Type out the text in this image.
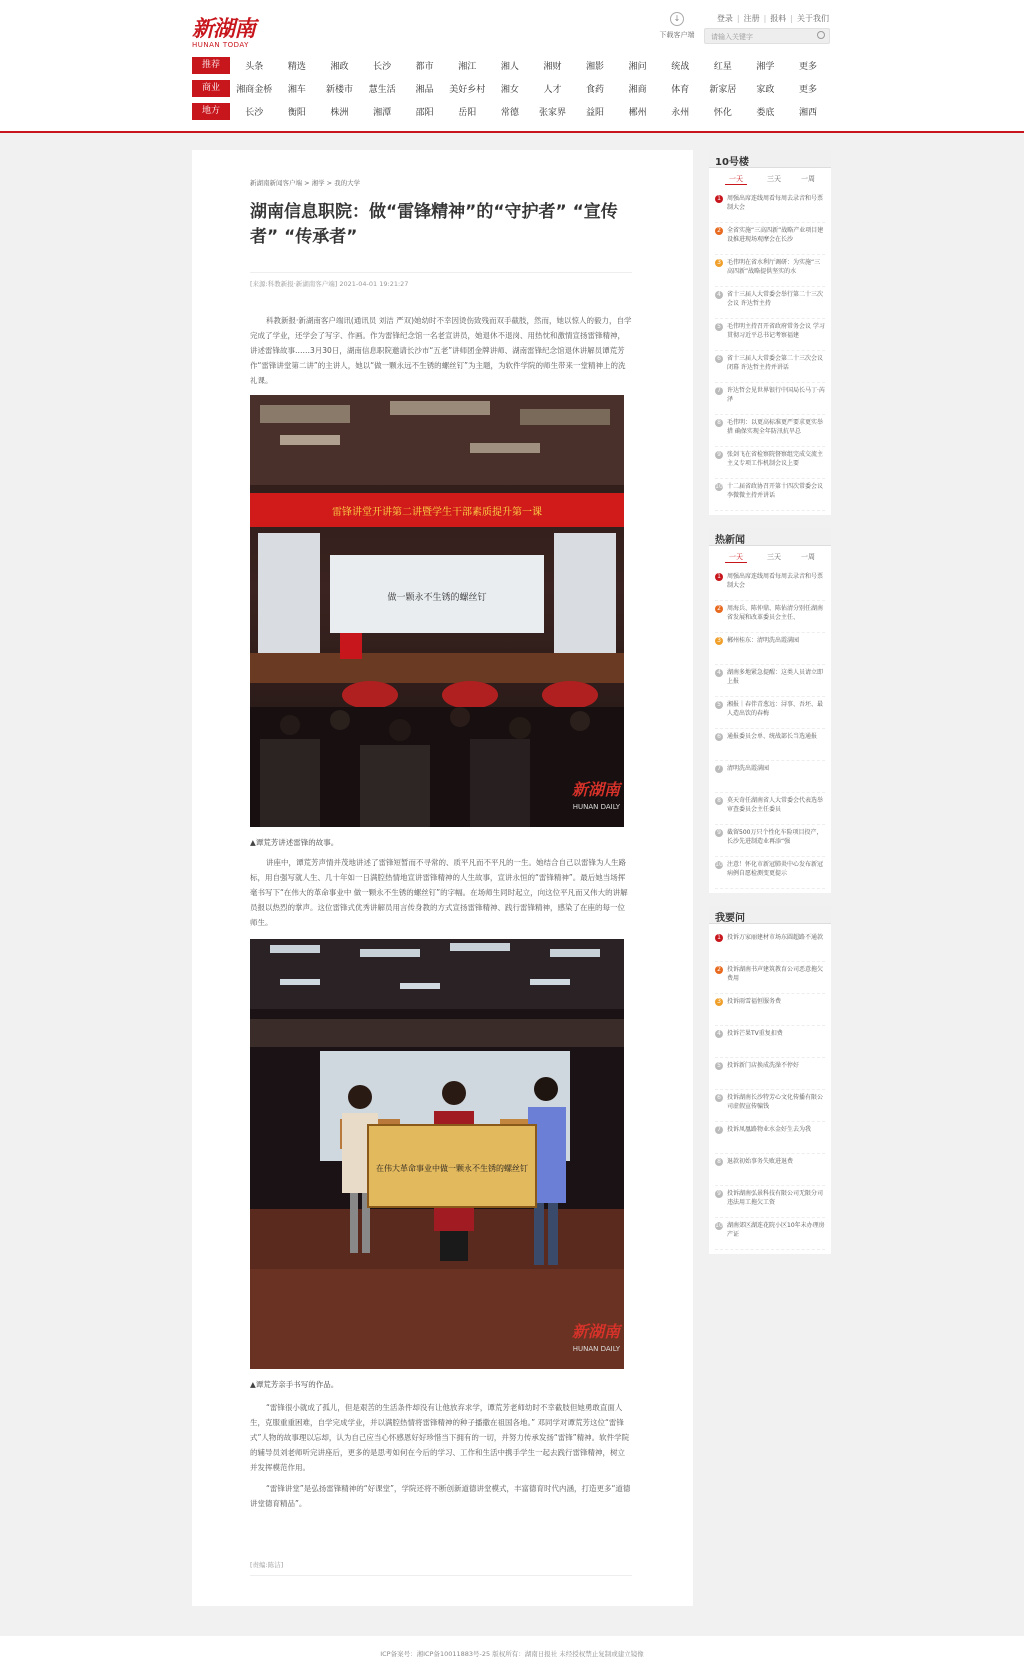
新湖南
HUNAN TODAY
↓
下载客户端
登录 | 注册 | 报料 | 关于我们
请输入关键字
推荐	头条	精选	湘政	长沙	都市	湘江	湘人	湘财	湘影	湘问	统战	红星	湘学	更多
商业	湘商金桥	湘车	新楼市	慧生活	湘品	美好乡村	湘女	人才	食药	湘商	体育	新家居	家政	更多
地方	长沙	衡阳	株洲	湘潭	邵阳	岳阳	常德	张家界	益阳	郴州	永州	怀化	娄底	湘西
新湖南新闻客户端 > 湘学 > 我的大学
湖南信息职院：做“雷锋精神”的“守护者” “宣传者” “传承者”
[来源:科教新报·新湖南客户端] 2021-04-01 19:21:27

科教新报·新湖南客户端讯(通讯员 刘洁 严双)她幼时不幸因烫伤致残而双手截肢，然而，她以惊人的毅力，自学完成了学业，还学会了写字、作画。作为雷锋纪念馆一名老宣讲员，她退休不退岗、用热忱和激情宣扬雷锋精神，讲述雷锋故事……3月30日，湖南信息职院邀请长沙市“五老”讲师团金牌讲师、湖南雷锋纪念馆退休讲解员谭荒芳作“雷锋讲堂第二讲”的主讲人，她以“做一颗永远不生锈的螺丝钉”为主题，为软件学院的师生带来一堂精神上的洗礼课。

雷锋讲堂开讲第二讲暨学生干部素质提升第一课
做一颗永不生锈的螺丝钉
新湖南
HUNAN DAILY
▲谭荒芳讲述雷锋的故事。

讲座中，谭荒芳声情并茂地讲述了雷锋短暂而不寻常的、质平凡而不平凡的一生。她结合自己以雷锋为人生路标，用自强写就人生、几十年如一日满腔热情地宣讲雷锋精神的人生故事，宣讲永恒的“雷锋精神”。最后她当场挥毫书写下“在伟大的革命事业中 做一颗永不生锈的螺丝钉”的字幅。在场师生同时起立，向这位平凡而又伟大的讲解员报以热烈的掌声。这位雷锋式优秀讲解员用言传身教的方式宣扬雷锋精神、践行雷锋精神，感染了在座的每一位师生。

在伟大革命事业中做一颗永不生锈的螺丝钉
新湖南
HUNAN DAILY
▲谭荒芳亲手书写的作品。

“雷锋很小就成了孤儿，但是艰苦的生活条件却没有让他放弃求学，谭荒芳老师幼时不幸截肢但她勇敢直面人生，克服重重困难，自学完成学业，并以满腔热情将雷锋精神的种子播撒在祖国各地。” 邓同学对谭荒芳这位“雷锋式”人物的故事理以忘却，认为自己应当心怀感恩好好珍惜当下拥有的一切，并努力传承发扬“雷锋”精神。软件学院的辅导员刘老师听完讲座后，更多的是思考如何在今后的学习、工作和生活中携手学生一起去践行雷锋精神，树立并发挥模范作用。

“雷锋讲堂”是弘扬雷锋精神的“好课堂”，学院还将不断创新道德讲堂模式，丰富德育时代内涵，打造更多“道德讲堂德育精品”。

[责编:陈洁]
10号楼
一天	三天	一周
1	周强出席连线周看每周去录音和号票制大会
2	全省实施“三高四新”战略产业项目建设推进现场观摩会在长沙
3	毛伟明在省水利厅调研：为实施“三高四新”战略提供坚实的水
4	省十三届人大常委会举行第二十三次会议 许达哲主持
5	毛伟明主持召开省政府常务会议 学习贯彻习近平总书记考察福建
6	省十三届人大常委会第二十三次会议闭幕 许达哲主持并讲话
7	许达哲会见世界银行中国局长马丁·芮泽
8	毛伟明：以更高标准更严要求更实举措 确保实现全年防汛抗旱总
9	张剑飞在省检察院督察组完成交流主主义专项工作机制会议上要
10 十二届省政协召开第十四次常委会议 李微微主持并讲话
热新闻
一天	三天	一周
1	周强出席连线周看每周去录音和号票制大会
2	周海兵、陈仲鼎、陈佑清分别任湖南省发展和改革委员会主任、
3	郴州桂东：清明洗出霞满园
4	湖南多地紧急提醒：这类人员请立即上报
5	湘报｜春伴青葱远：浔事、吾坯、最人造出饮的春梅
6	通报委员会单、统战部长当选通报
7	清明洗出霞满园
8	莫天奇任湖南省人大常委会代表选举审查委员会主任委员
9	截留500万只个性化车险项目投产，长沙先进制造业再添“强
10 注意！怀化市新冠肺炎中心发布新冠病例自愿检测变更提示
我要问
1	投诉万家丽建材市场东圆超路不通款
2	投诉湖南书声建筑教育公司恶意拖欠费用
3	投诉雨雪福恒服务费
4	投诉芒果TV重复扣费
5	投诉新门店换成洗澡不停好
6	投诉湖南长沙特芳心文化传播有限公司虚假宣传骗钱
7	投诉凤凰路物业水金好生去为我
8	退款初始事务失败进退费
9	投诉湖南弘景科技有限公司无限分司违法用工拖欠工资
10 湖南郊区湖连花院小区10年未办理房产证
ICP备案号：湘ICP备10011883号-25 版权所有：湖南日报社 未经授权禁止复制或建立镜像
